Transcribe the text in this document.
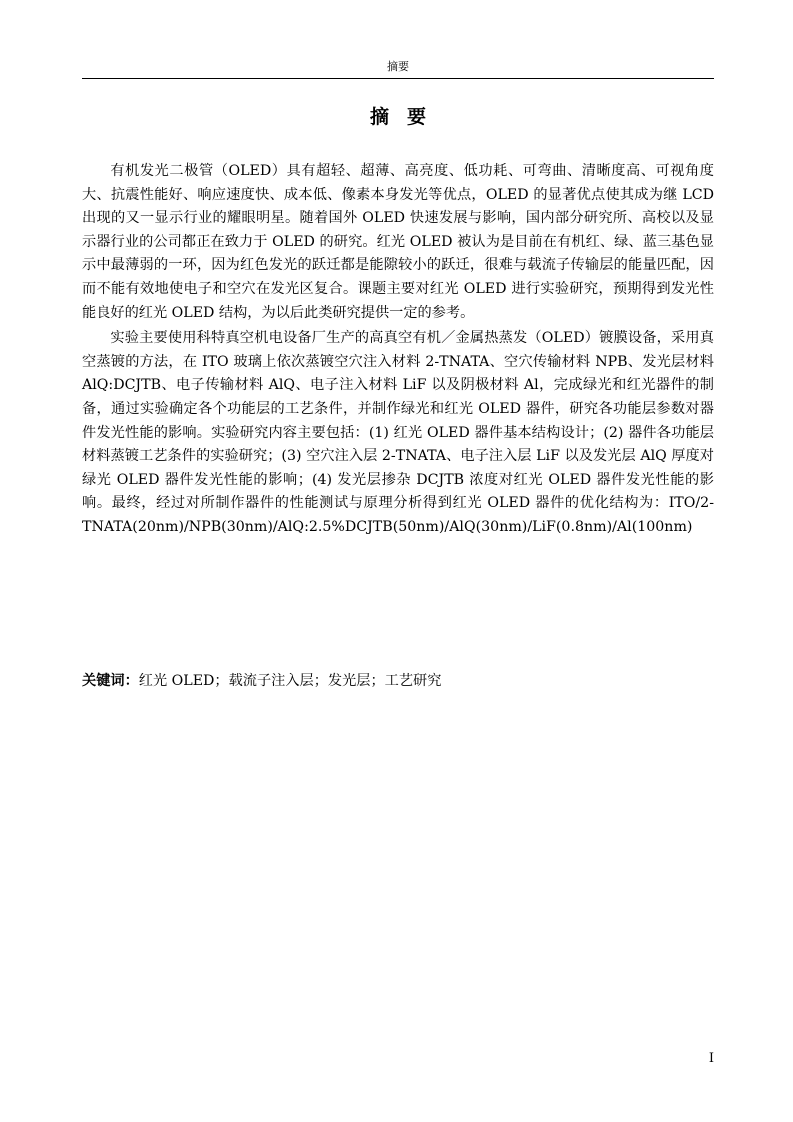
摘要
摘要

有机发光二极管（OLED）具有超轻、超薄、高亮度、低功耗、可弯曲、清晰度高、可视角度大、抗震性能好、响应速度快、成本低、像素本身发光等优点，OLED 的显著优点使其成为继 LCD 出现的又一显示行业的耀眼明星。随着国外 OLED 快速发展与影响，国内部分研究所、高校以及显示器行业的公司都正在致力于 OLED 的研究。红光 OLED 被认为是目前在有机红、绿、蓝三基色显示中最薄弱的一环，因为红色发光的跃迁都是能隙较小的跃迁，很难与载流子传输层的能量匹配，因而不能有效地使电子和空穴在发光区复合。课题主要对红光 OLED 进行实验研究，预期得到发光性能良好的红光 OLED 结构，为以后此类研究提供一定的参考。

实验主要使用科特真空机电设备厂生产的高真空有机／金属热蒸发（OLED）镀膜设备，采用真空蒸镀的方法，在 ITO 玻璃上依次蒸镀空穴注入材料 2-TNATA、空穴传输材料 NPB、发光层材料 AlQ:DCJTB、电子传输材料 AlQ、电子注入材料 LiF 以及阴极材料 Al，完成绿光和红光器件的制备，通过实验确定各个功能层的工艺条件，并制作绿光和红光 OLED 器件，研究各功能层参数对器件发光性能的影响。实验研究内容主要包括：(1) 红光 OLED 器件基本结构设计；(2) 器件各功能层材料蒸镀工艺条件的实验研究；(3) 空穴注入层 2-TNATA、电子注入层 LiF 以及发光层 AlQ 厚度对绿光 OLED 器件发光性能的影响；(4) 发光层掺杂 DCJTB 浓度对红光 OLED 器件发光性能的影响。最终，经过对所制作器件的性能测试与原理分析得到红光 OLED 器件的优化结构为：ITO/2-TNATA(20nm)/NPB(30nm)/AlQ:2.5%DCJTB(50nm)/AlQ(30nm)/LiF(0.8nm)/Al(100nm)

关键词：红光 OLED；载流子注入层；发光层；工艺研究
I
